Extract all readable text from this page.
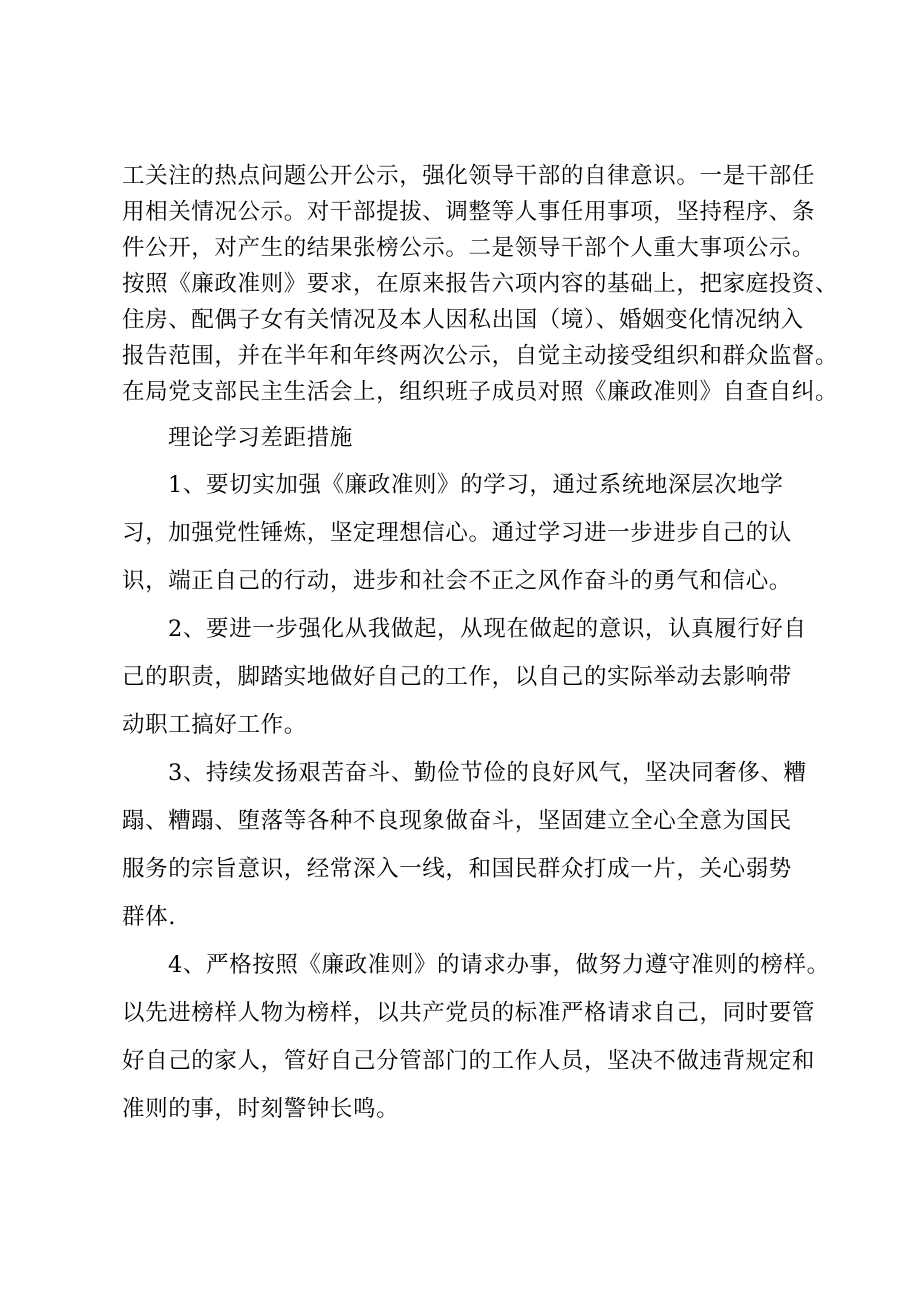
工关注的热点问题公开公示，强化领导干部的自律意识。一是干部任
用相关情况公示。对干部提拔、调整等人事任用事项，坚持程序、条
件公开，对产生的结果张榜公示。二是领导干部个人重大事项公示。
按照《廉政准则》要求，在原来报告六项内容的基础上，把家庭投资、
住房、配偶子女有关情况及本人因私出国（境）、婚姻变化情况纳入
报告范围，并在半年和年终两次公示，自觉主动接受组织和群众监督。
在局党支部民主生活会上，组织班子成员对照《廉政准则》自查自纠。
理论学习差距措施
1、要切实加强《廉政准则》的学习，通过系统地深层次地学
习，加强党性锤炼，坚定理想信心。通过学习进一步进步自己的认
识，端正自己的行动，进步和社会不正之风作奋斗的勇气和信心。
2、要进一步强化从我做起，从现在做起的意识，认真履行好自
己的职责，脚踏实地做好自己的工作，以自己的实际举动去影响带
动职工搞好工作。
3、持续发扬艰苦奋斗、勤俭节俭的良好风气，坚决同奢侈、糟
蹋、糟蹋、堕落等各种不良现象做奋斗，坚固建立全心全意为国民
服务的宗旨意识，经常深入一线，和国民群众打成一片，关心弱势
群体.
4、严格按照《廉政准则》的请求办事，做努力遵守准则的榜样。
以先进榜样人物为榜样，以共产党员的标准严格请求自己，同时要管
好自己的家人，管好自己分管部门的工作人员，坚决不做违背规定和
准则的事，时刻警钟长鸣。
